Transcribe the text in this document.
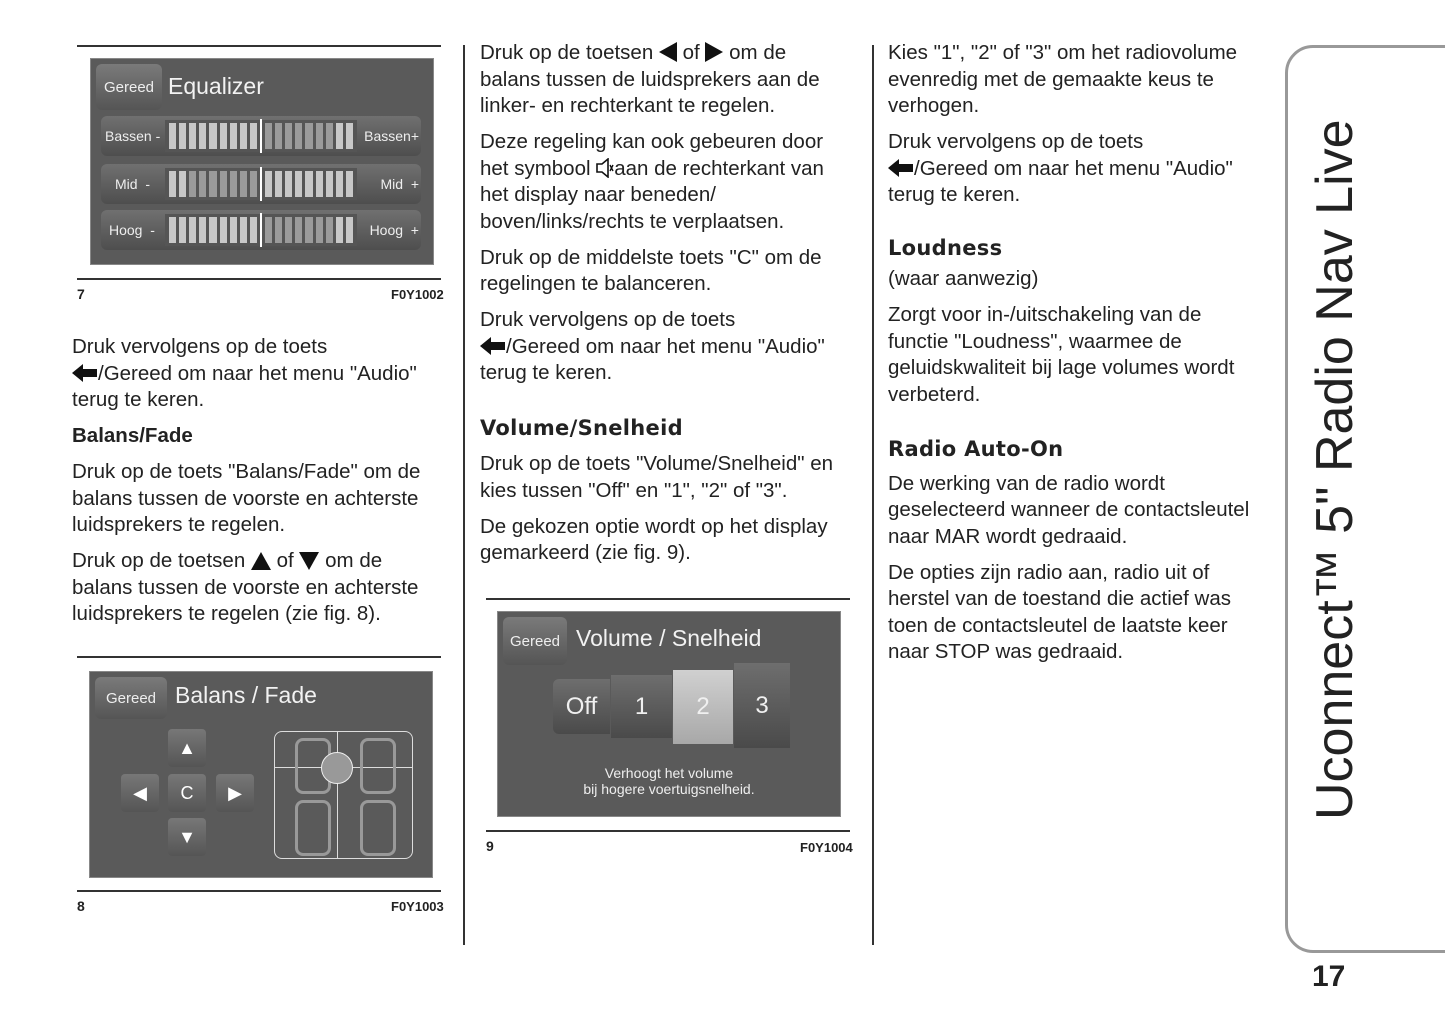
Gereed Equalizer
Bassen -	Bassen+
Mid  -	Mid  +
Hoog  -	Hoog  +
7	F0Y1002

Druk vervolgens op de toets
/Gereed om naar het menu "Audio" terug te keren.

Balans/Fade

Druk op de toets "Balans/Fade" om de balans tussen de voorste en achterste luidsprekers te regelen.

Druk op de toetsen of om de balans tussen de voorste en achterste luidsprekers te regelen (zie fig. 8).

Gereed Balans / Fade
▲
◀	C	▶
▼
8	F0Y1003

Druk op de toetsen of om de balans tussen de luidsprekers aan de linker- en rechterkant te regelen.

Deze regeling kan ook gebeuren door het symbool aan de rechterkant van het display naar beneden/ boven/links/rechts te verplaatsen.

Druk op de middelste toets "C" om de regelingen te balanceren.

Druk vervolgens op de toets
/Gereed om naar het menu "Audio" terug te keren.

Volume/Snelheid

Druk op de toets "Volume/Snelheid" en kies tussen "Off" en "1", "2" of "3".

De gekozen optie wordt op het display gemarkeerd (zie fig. 9).

Gereed Volume / Snelheid
Off	1	2	3
Verhoogt het volume
bij hogere voertuigsnelheid.
9	F0Y1004

Kies "1", "2" of "3" om het radiovolume evenredig met de gemaakte keus te verhogen.

Druk vervolgens op de toets
/Gereed om naar het menu "Audio" terug te keren.

Loudness

(waar aanwezig)

Zorgt voor in-/uitschakeling van de functie "Loudness", waarmee de geluidskwaliteit bij lage volumes wordt verbeterd.

Radio Auto-On

De werking van de radio wordt geselecteerd wanneer de contactsleutel naar MAR wordt gedraaid.

De opties zijn radio aan, radio uit of herstel van de toestand die actief was toen de contactsleutel de laatste keer naar STOP was gedraaid.	Uconnect™ 5" Radio Nav Live
17
